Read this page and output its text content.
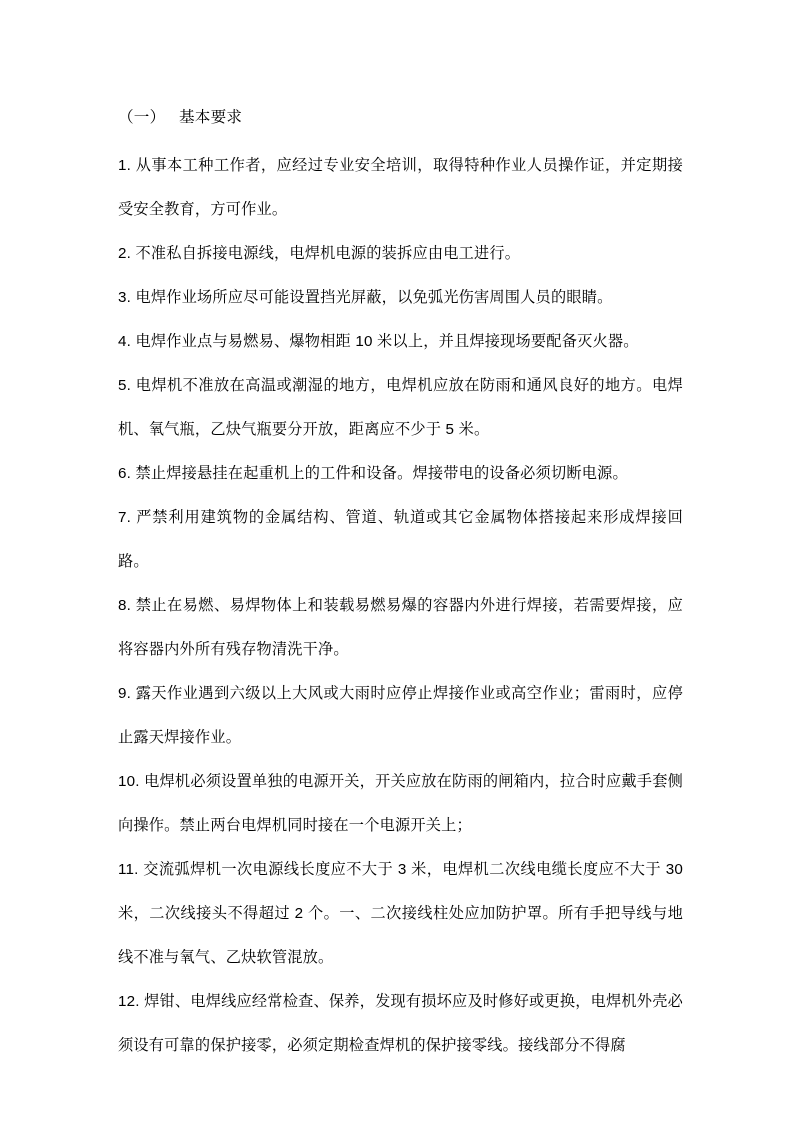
（一）   基本要求

1. 从事本工种工作者，应经过专业安全培训，取得特种作业人员操作证，并定期接受安全教育，方可作业。

2. 不准私自拆接电源线，电焊机电源的装拆应由电工进行。

3. 电焊作业场所应尽可能设置挡光屏蔽，以免弧光伤害周围人员的眼睛。

4. 电焊作业点与易燃易、爆物相距 10 米以上，并且焊接现场要配备灭火器。

5. 电焊机不准放在高温或潮湿的地方，电焊机应放在防雨和通风良好的地方。电焊机、氧气瓶，乙炔气瓶要分开放，距离应不少于 5 米。

6. 禁止焊接悬挂在起重机上的工件和设备。焊接带电的设备必须切断电源。

7. 严禁利用建筑物的金属结构、管道、轨道或其它金属物体搭接起来形成焊接回路。

8. 禁止在易燃、易焊物体上和装载易燃易爆的容器内外进行焊接，若需要焊接，应将容器内外所有残存物清洗干净。

9. 露天作业遇到六级以上大风或大雨时应停止焊接作业或高空作业；雷雨时，应停止露天焊接作业。

10. 电焊机必须设置单独的电源开关，开关应放在防雨的闸箱内，拉合时应戴手套侧向操作。禁止两台电焊机同时接在一个电源开关上；

11. 交流弧焊机一次电源线长度应不大于 3 米，电焊机二次线电缆长度应不大于 30 米，二次线接头不得超过 2 个。一、二次接线柱处应加防护罩。所有手把导线与地线不准与氧气、乙炔软管混放。

12. 焊钳、电焊线应经常检查、保养，发现有损坏应及时修好或更换，电焊机外壳必须设有可靠的保护接零，必须定期检查焊机的保护接零线。接线部分不得腐
